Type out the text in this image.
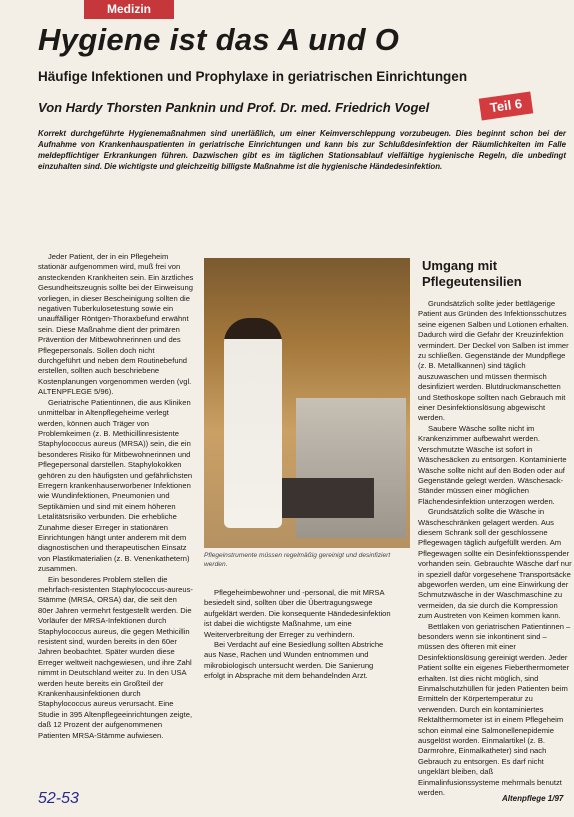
Medizin
Hygiene ist das A und O
Häufige Infektionen und Prophylaxe in geriatrischen Einrichtungen
Von Hardy Thorsten Panknin und Prof. Dr. med. Friedrich Vogel	Teil 6
Korrekt durchgeführte Hygienemaßnahmen sind unerläßlich, um einer Keimverschleppung vorzubeugen. Dies beginnt schon bei der Aufnahme von Krankenhauspatienten in geriatrische Einrichtungen und kann bis zur Schlußdesinfektion der Räumlichkeiten im Falle meldepflichtiger Erkrankungen führen. Dazwischen gibt es im täglichen Stationsablauf vielfältige hygienische Regeln, die unbedingt einzuhalten sind. Die wichtigste und gleichzeitig billigste Maßnahme ist die hygienische Händedesinfektion.

Jeder Patient, der in ein Pflegeheim stationär aufgenommen wird, muß frei von ansteckenden Krankheiten sein. Ein ärztliches Gesundheitszeugnis sollte bei der Einweisung vorliegen, in dieser Bescheinigung sollten die negativen Tuberkulosetestung sowie ein unauffälliger Röntgen-Thoraxbefund erwähnt sein. Diese Maßnahme dient der primären Prävention der Mitbewohnerinnen und des Pflegepersonals. Sollen doch nicht durchgeführt und neben dem Routinebefund erstellen, sollten auch beschriebene Kostenplanungen vorgenommen werden (vgl. ALTENPFLEGE 5/96).

Geriatrische Patientinnen, die aus Kliniken unmittelbar in Altenpflegeheime verlegt werden, können auch Träger von Problemkeimen (z. B. Methicillinresistente Staphylococcus aureus (MRSA)) sein, die ein besonderes Risiko für Mitbewohnerinnen und Pflegepersonal darstellen. Staphylokokken gehören zu den häufigsten und gefährlichsten Erregern krankenhauserworbener Infektionen wie Wundinfektionen, Pneumonien und Septikämien und sind mit einem höheren Letalitätsrisiko verbunden. Die erhebliche Zunahme dieser Erreger in stationären Einrichtungen hängt unter anderem mit dem diagnostischen und therapeutischen Einsatz von Plastikmaterialien (z. B. Venenkathetern) zusammen.

Ein besonderes Problem stellen die mehrfach-resistenten Staphylococcus-aureus-Stämme (MRSA, ORSA) dar, die seit den 80er Jahren vermehrt festgestellt werden. Die Vorläufer der MRSA-Infektionen durch Staphylococcus aureus, die gegen Methicillin resistent sind, wurden bereits in den 60er Jahren beobachtet. Später wurden diese Erreger weltweit nachgewiesen, und ihre Zahl nimmt in Deutschland weiter zu. In den USA werden heute bereits ein Großteil der Krankenhausinfektionen durch Staphylococcus aureus verursacht. Eine Studie in 395 Altenpflegeeinrichtungen zeigte, daß 12 Prozent der aufgenommenen Patienten MRSA-Stämme aufwiesen.

Pflegeinstrumente müssen regelmäßig gereinigt und desinfiziert werden.

Pflegeheimbewohner und -personal, die mit MRSA besiedelt sind, sollten über die Übertragungswege aufgeklärt werden. Die konsequente Händedesinfektion ist dabei die wichtigste Maßnahme, um eine Weiterverbreitung der Erreger zu verhindern.

Bei Verdacht auf eine Besiedlung sollten Abstriche aus Nase, Rachen und Wunden entnommen und mikrobiologisch untersucht werden. Die Sanierung erfolgt in Absprache mit dem behandelnden Arzt.

Umgang mit Pflegeutensilien

Grundsätzlich sollte jeder bettlägerige Patient aus Gründen des Infektionsschutzes seine eigenen Salben und Lotionen erhalten. Dadurch wird die Gefahr der Kreuzinfektion vermindert. Der Deckel von Salben ist immer zu schließen. Gegenstände der Mundpflege (z. B. Metallkannen) sind täglich auszuwaschen und müssen thermisch desinfiziert werden. Blutdruckmanschetten und Stethoskope sollten nach Gebrauch mit einer Desinfektionslösung abgewischt werden.

Saubere Wäsche sollte nicht im Krankenzimmer aufbewahrt werden. Verschmutzte Wäsche ist sofort in Wäschesäcken zu entsorgen. Kontaminierte Wäsche sollte nicht auf den Boden oder auf Gegenstände gelegt werden. Wäschesack-Ständer müssen einer möglichen Flächendesinfektion unterzogen werden.

Grundsätzlich sollte die Wäsche in Wäscheschränken gelagert werden. Aus diesem Schrank soll der geschlossene Pflegewagen täglich aufgefüllt werden. Am Pflegewagen sollte ein Desinfektionsspender vorhanden sein. Gebrauchte Wäsche darf nur in speziell dafür vorgesehene Transportsäcke abgeworfen werden, um eine Einwirkung der Schmutzwäsche in der Waschmaschine zu vermeiden, da sie durch die Kompression zum Austreten von Keimen kommen kann.

Bettlaken von geriatrischen Patientinnen – besonders wenn sie inkontinent sind – müssen des öfteren mit einer Desinfektionslösung gereinigt werden. Jeder Patient sollte ein eigenes Fieberthermometer erhalten. Ist dies nicht möglich, sind Einmalschutzhüllen für jeden Patienten beim Ermitteln der Körpertemperatur zu verwenden. Durch ein kontaminiertes Rektalthermometer ist in einem Pflegeheim schon einmal eine Salmonellenepidemie ausgelöst worden. Einmalartikel (z. B. Darmrohre, Einmalkatheter) sind nach Gebrauch zu entsorgen. Es darf nicht ungeklärt bleiben, daß Einmalinfusionssysteme mehrmals benutzt werden.

52-53	Altenpflege 1/97
